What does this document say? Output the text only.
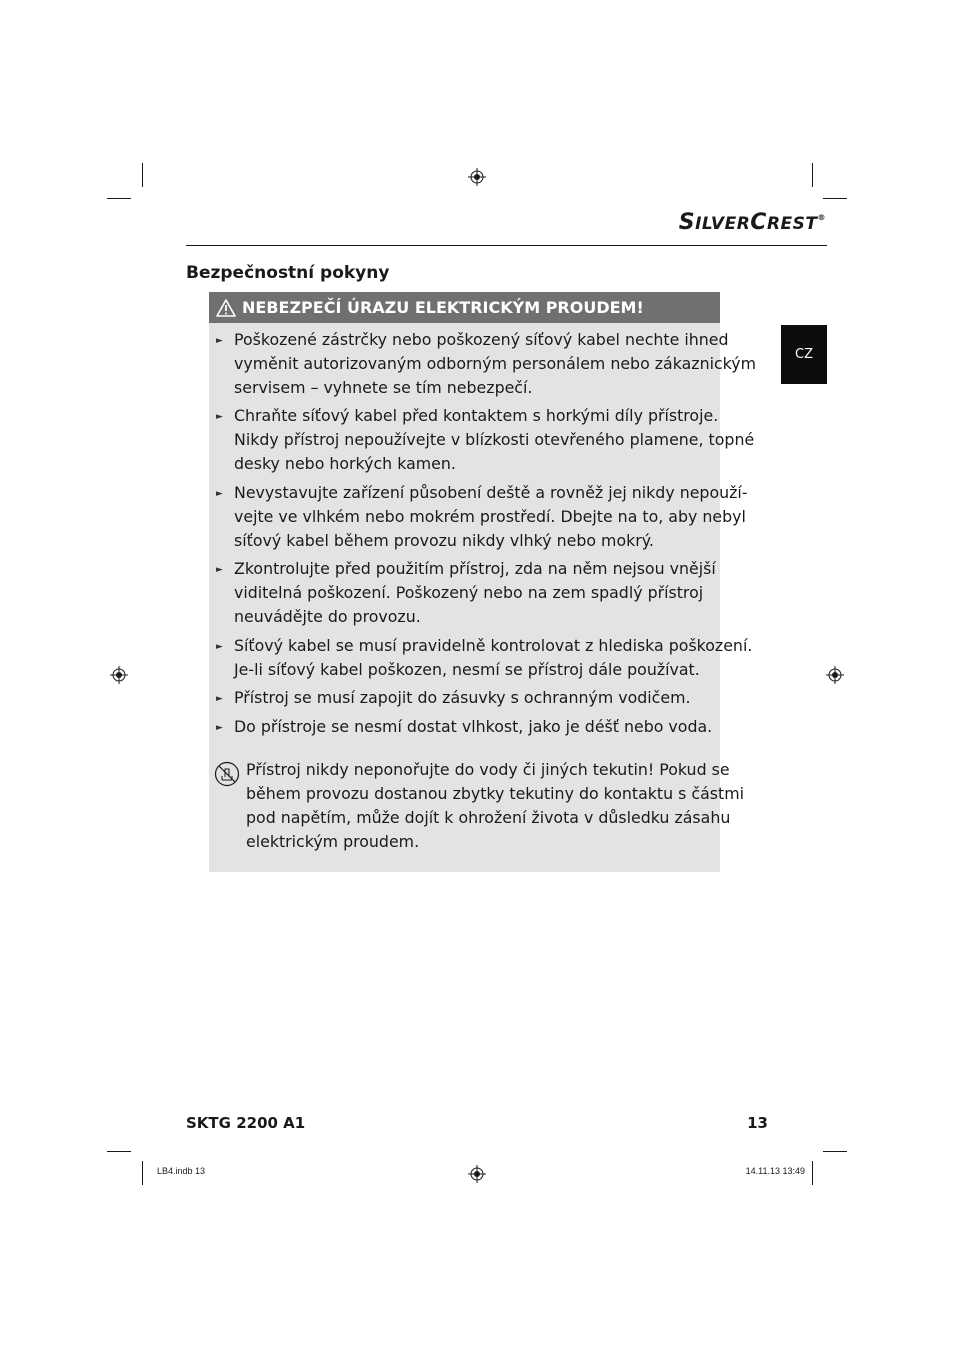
SILVERCREST®
Bezpečnostní pokyny
CZ
NEBEZPEČÍ ÚRAZU ELEKTRICKÝM PROUDEM!
► Poškozené zástrčky nebo poškozený síťový kabel nechte ihned
vyměnit autorizovaným odborným personálem nebo zákaznickým
servisem – vyhnete se tím nebezpečí.
► Chraňte síťový kabel před kontaktem s horkými díly přístroje.
Nikdy přístroj nepoužívejte v blízkosti otevřeného plamene, topné
desky nebo horkých kamen.
► Nevystavujte zařízení působení deště a rovněž jej nikdy nepouží-
vejte ve vlhkém nebo mokrém prostředí. Dbejte na to, aby nebyl
síťový kabel během provozu nikdy vlhký nebo mokrý.
► Zkontrolujte před použitím přístroj, zda na něm nejsou vnější
viditelná poškození. Poškozený nebo na zem spadlý přístroj
neuvádějte do provozu.
► Síťový kabel se musí pravidelně kontrolovat z hlediska poškození.
Je-li síťový kabel poškozen, nesmí se přístroj dále používat.
► Přístroj se musí zapojit do zásuvky s ochranným vodičem.
► Do přístroje se nesmí dostat vlhkost, jako je déšť nebo voda.
Přístroj nikdy neponořujte do vody či jiných tekutin! Pokud se
během provozu dostanou zbytky tekutiny do kontaktu s částmi
pod napětím, může dojít k ohrožení života v důsledku zásahu
elektrickým proudem.
SKTG 2200 A1	13
LB4.indb 13	14.11.13 13:49
